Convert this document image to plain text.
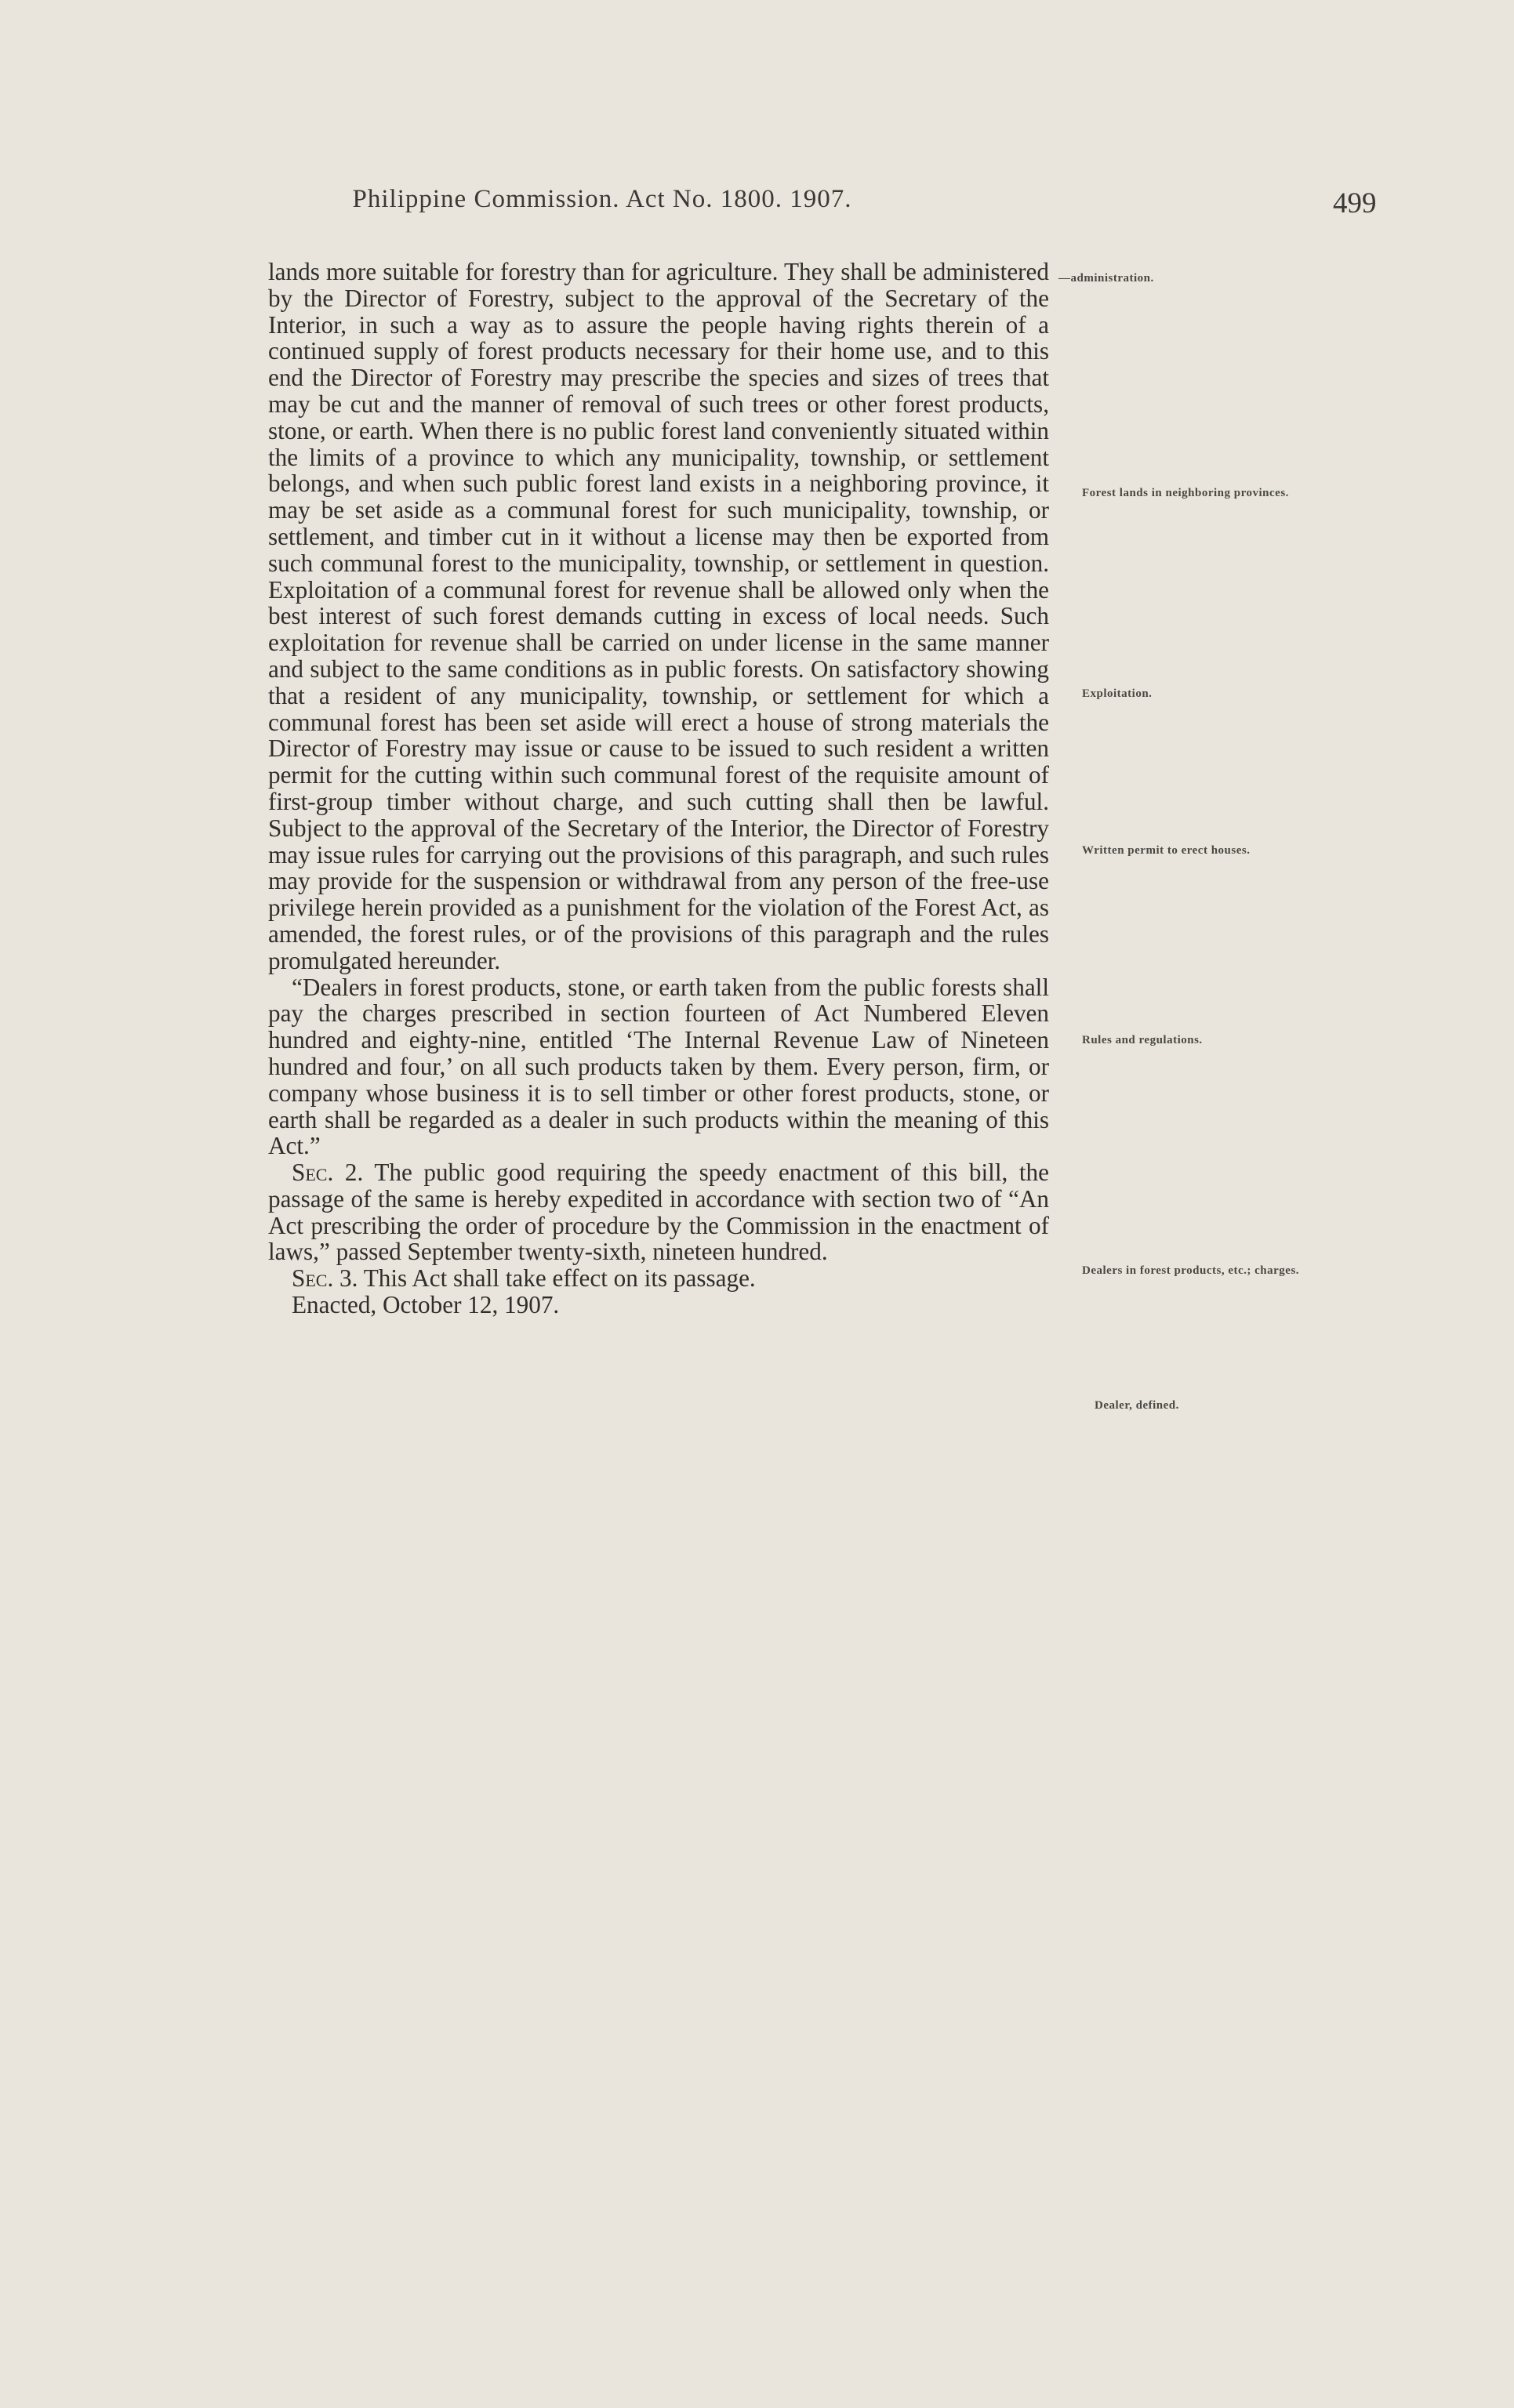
Philippine Commission. Act No. 1800. 1907.	499

lands more suitable for forestry than for agriculture. They shall be administered by the Director of Forestry, subject to the approval of the Secretary of the Interior, in such a way as to assure the people having rights therein of a continued supply of forest products necessary for their home use, and to this end the Director of Forestry may prescribe the species and sizes of trees that may be cut and the manner of removal of such trees or other forest products, stone, or earth. When there is no public forest land conveniently situated within the limits of a province to which any municipality, township, or settlement belongs, and when such public forest land exists in a neighboring province, it may be set aside as a communal forest for such municipality, township, or settlement, and timber cut in it without a license may then be exported from such communal forest to the municipality, township, or settlement in question. Exploitation of a communal forest for revenue shall be allowed only when the best interest of such forest demands cutting in excess of local needs. Such exploitation for revenue shall be carried on under license in the same manner and subject to the same conditions as in public forests. On satisfactory showing that a resident of any municipality, township, or settlement for which a communal forest has been set aside will erect a house of strong materials the Director of Forestry may issue or cause to be issued to such resident a written permit for the cutting within such communal forest of the requisite amount of first-group timber without charge, and such cutting shall then be lawful. Subject to the approval of the Secretary of the Interior, the Director of Forestry may issue rules for carrying out the provisions of this paragraph, and such rules may provide for the suspension or withdrawal from any person of the free-use privilege herein provided as a punishment for the violation of the Forest Act, as amended, the forest rules, or of the provisions of this paragraph and the rules promulgated hereunder.

“Dealers in forest products, stone, or earth taken from the public forests shall pay the charges prescribed in section fourteen of Act Numbered Eleven hundred and eighty-nine, entitled ‘The Internal Revenue Law of Nineteen hundred and four,’ on all such products taken by them. Every person, firm, or company whose business it is to sell timber or other forest products, stone, or earth shall be regarded as a dealer in such products within the meaning of this Act.”

Sec. 2. The public good requiring the speedy enactment of this bill, the passage of the same is hereby expedited in accordance with section two of “An Act prescribing the order of procedure by the Commission in the enactment of laws,” passed September twenty-sixth, nineteen hundred.

Sec. 3. This Act shall take effect on its passage.

Enacted, October 12, 1907.

—administration.
Forest lands in neighboring provinces.
Exploitation.
Written permit to erect houses.
Rules and regulations.
Dealers in forest products, etc.; charges.
Dealer, defined.
